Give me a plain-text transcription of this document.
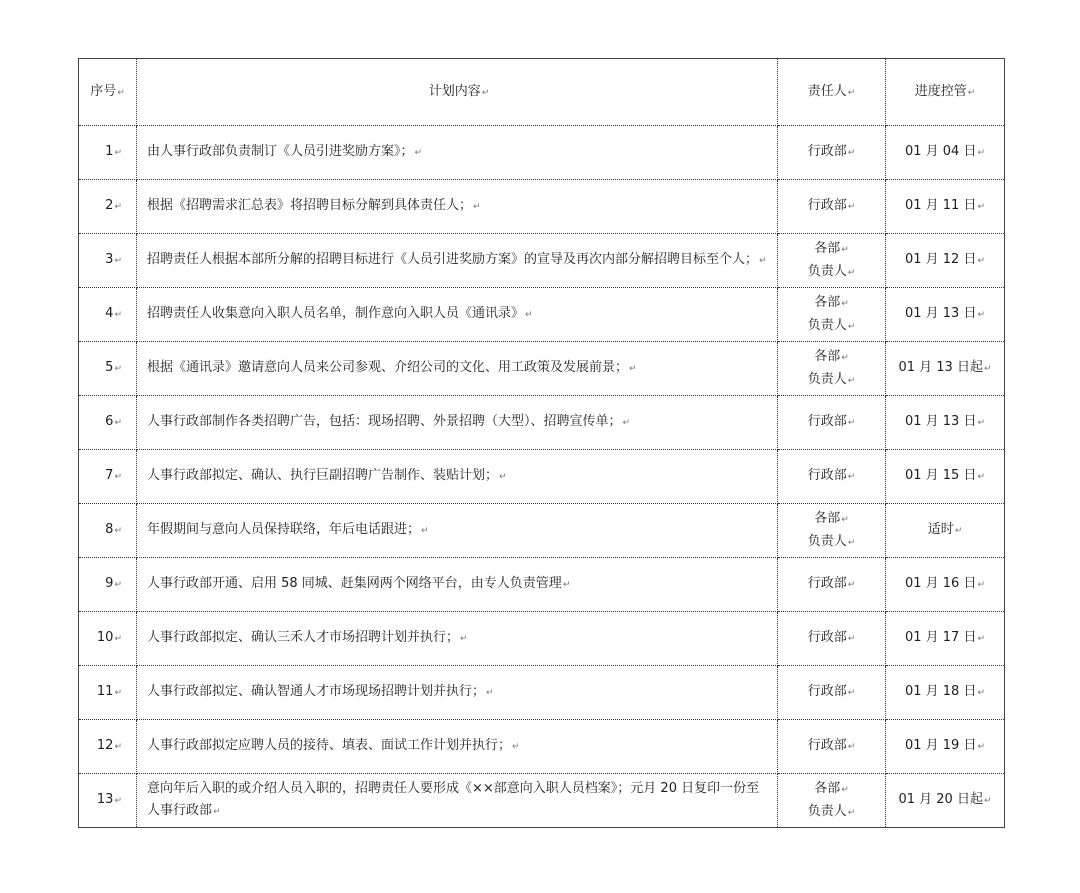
序号↵	计划内容↵	责任人↵	进度控管↵
1↵	由人事行政部负责制订《人员引进奖励方案》；↵	行政部↵	01 月 04 日↵
2↵	根据《招聘需求汇总表》将招聘目标分解到具体责任人；↵	行政部↵	01 月 11 日↵
3↵	招聘责任人根据本部所分解的招聘目标进行《人员引进奖励方案》的宣导及再次内部分解招聘目标至个人；↵	各部↵
负责人↵	01 月 12 日↵
4↵	招聘责任人收集意向入职人员名单，制作意向入职人员《通讯录》↵	各部↵
负责人↵	01 月 13 日↵
5↵	根据《通讯录》邀请意向人员来公司参观、介绍公司的文化、用工政策及发展前景；↵	各部↵
负责人↵	01 月 13 日起↵
6↵	人事行政部制作各类招聘广告，包括：现场招聘、外景招聘（大型）、招聘宣传单；↵	行政部↵	01 月 13 日↵
7↵	人事行政部拟定、确认、执行巨副招聘广告制作、装贴计划；↵	行政部↵	01 月 15 日↵
8↵	年假期间与意向人员保持联络，年后电话跟进；↵	各部↵
负责人↵	适时↵
9↵	人事行政部开通、启用 58 同城、赶集网两个网络平台，由专人负责管理↵	行政部↵	01 月 16 日↵
10↵	人事行政部拟定、确认三禾人才市场招聘计划并执行；↵	行政部↵	01 月 17 日↵
11↵	人事行政部拟定、确认智通人才市场现场招聘计划并执行；↵	行政部↵	01 月 18 日↵
12↵	人事行政部拟定应聘人员的接待、填表、面试工作计划并执行；↵	行政部↵	01 月 19 日↵
13↵	意向年后入职的或介绍人员入职的，招聘责任人要形成《××部意向入职人员档案》；元月 20 日复印一份至人事行政部↵	各部↵
负责人↵	01 月 20 日起↵
